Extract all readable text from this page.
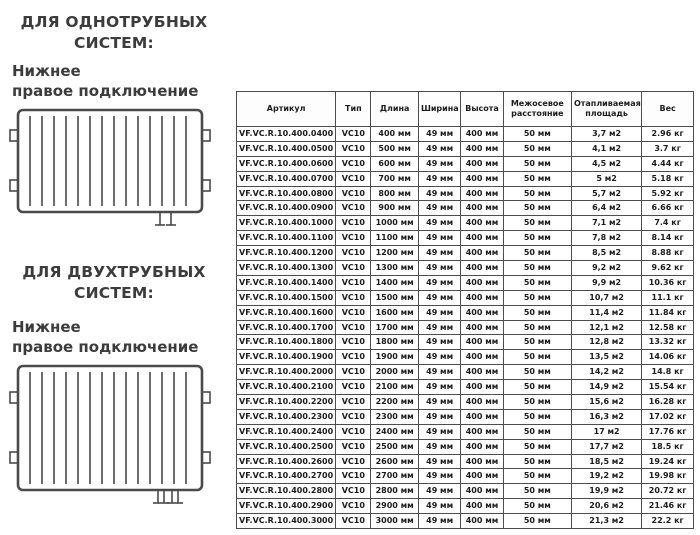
ДЛЯ ОДНОТРУБНЫХ
СИСТЕМ:
Нижнее
правое подключение
ДЛЯ ДВУХТРУБНЫХ
СИСТЕМ:
Нижнее
правое подключение
Артикул	Тип	Длина	Ширина	Высота	Межосевое расстояние	Отапливаемая площадь	Вес
VF.VC.R.10.400.0400	VC10	400 мм	49 мм	400 мм	50 мм	3,7 м2	2.96 кг
VF.VC.R.10.400.0500	VC10	500 мм	49 мм	400 мм	50 мм	4,1 м2	3.7 кг
VF.VC.R.10.400.0600	VC10	600 мм	49 мм	400 мм	50 мм	4,5 м2	4.44 кг
VF.VC.R.10.400.0700	VC10	700 мм	49 мм	400 мм	50 мм	5 м2	5.18 кг
VF.VC.R.10.400.0800	VC10	800 мм	49 мм	400 мм	50 мм	5,7 м2	5.92 кг
VF.VC.R.10.400.0900	VC10	900 мм	49 мм	400 мм	50 мм	6,4 м2	6.66 кг
VF.VC.R.10.400.1000	VC10	1000 мм	49 мм	400 мм	50 мм	7,1 м2	7.4 кг
VF.VC.R.10.400.1100	VC10	1100 мм	49 мм	400 мм	50 мм	7,8 м2	8.14 кг
VF.VC.R.10.400.1200	VC10	1200 мм	49 мм	400 мм	50 мм	8,5 м2	8.88 кг
VF.VC.R.10.400.1300	VC10	1300 мм	49 мм	400 мм	50 мм	9,2 м2	9.62 кг
VF.VC.R.10.400.1400	VC10	1400 мм	49 мм	400 мм	50 мм	9,9 м2	10.36 кг
VF.VC.R.10.400.1500	VC10	1500 мм	49 мм	400 мм	50 мм	10,7 м2	11.1 кг
VF.VC.R.10.400.1600	VC10	1600 мм	49 мм	400 мм	50 мм	11,4 м2	11.84 кг
VF.VC.R.10.400.1700	VC10	1700 мм	49 мм	400 мм	50 мм	12,1 м2	12.58 кг
VF.VC.R.10.400.1800	VC10	1800 мм	49 мм	400 мм	50 мм	12,8 м2	13.32 кг
VF.VC.R.10.400.1900	VC10	1900 мм	49 мм	400 мм	50 мм	13,5 м2	14.06 кг
VF.VC.R.10.400.2000	VC10	2000 мм	49 мм	400 мм	50 мм	14,2 м2	14.8 кг
VF.VC.R.10.400.2100	VC10	2100 мм	49 мм	400 мм	50 мм	14,9 м2	15.54 кг
VF.VC.R.10.400.2200	VC10	2200 мм	49 мм	400 мм	50 мм	15,6 м2	16.28 кг
VF.VC.R.10.400.2300	VC10	2300 мм	49 мм	400 мм	50 мм	16,3 м2	17.02 кг
VF.VC.R.10.400.2400	VC10	2400 мм	49 мм	400 мм	50 мм	17 м2	17.76 кг
VF.VC.R.10.400.2500	VC10	2500 мм	49 мм	400 мм	50 мм	17,7 м2	18.5 кг
VF.VC.R.10.400.2600	VC10	2600 мм	49 мм	400 мм	50 мм	18,5 м2	19.24 кг
VF.VC.R.10.400.2700	VC10	2700 мм	49 мм	400 мм	50 мм	19,2 м2	19.98 кг
VF.VC.R.10.400.2800	VC10	2800 мм	49 мм	400 мм	50 мм	19,9 м2	20.72 кг
VF.VC.R.10.400.2900	VC10	2900 мм	49 мм	400 мм	50 мм	20,6 м2	21.46 кг
VF.VC.R.10.400.3000	VC10	3000 мм	49 мм	400 мм	50 мм	21,3 м2	22.2 кг
